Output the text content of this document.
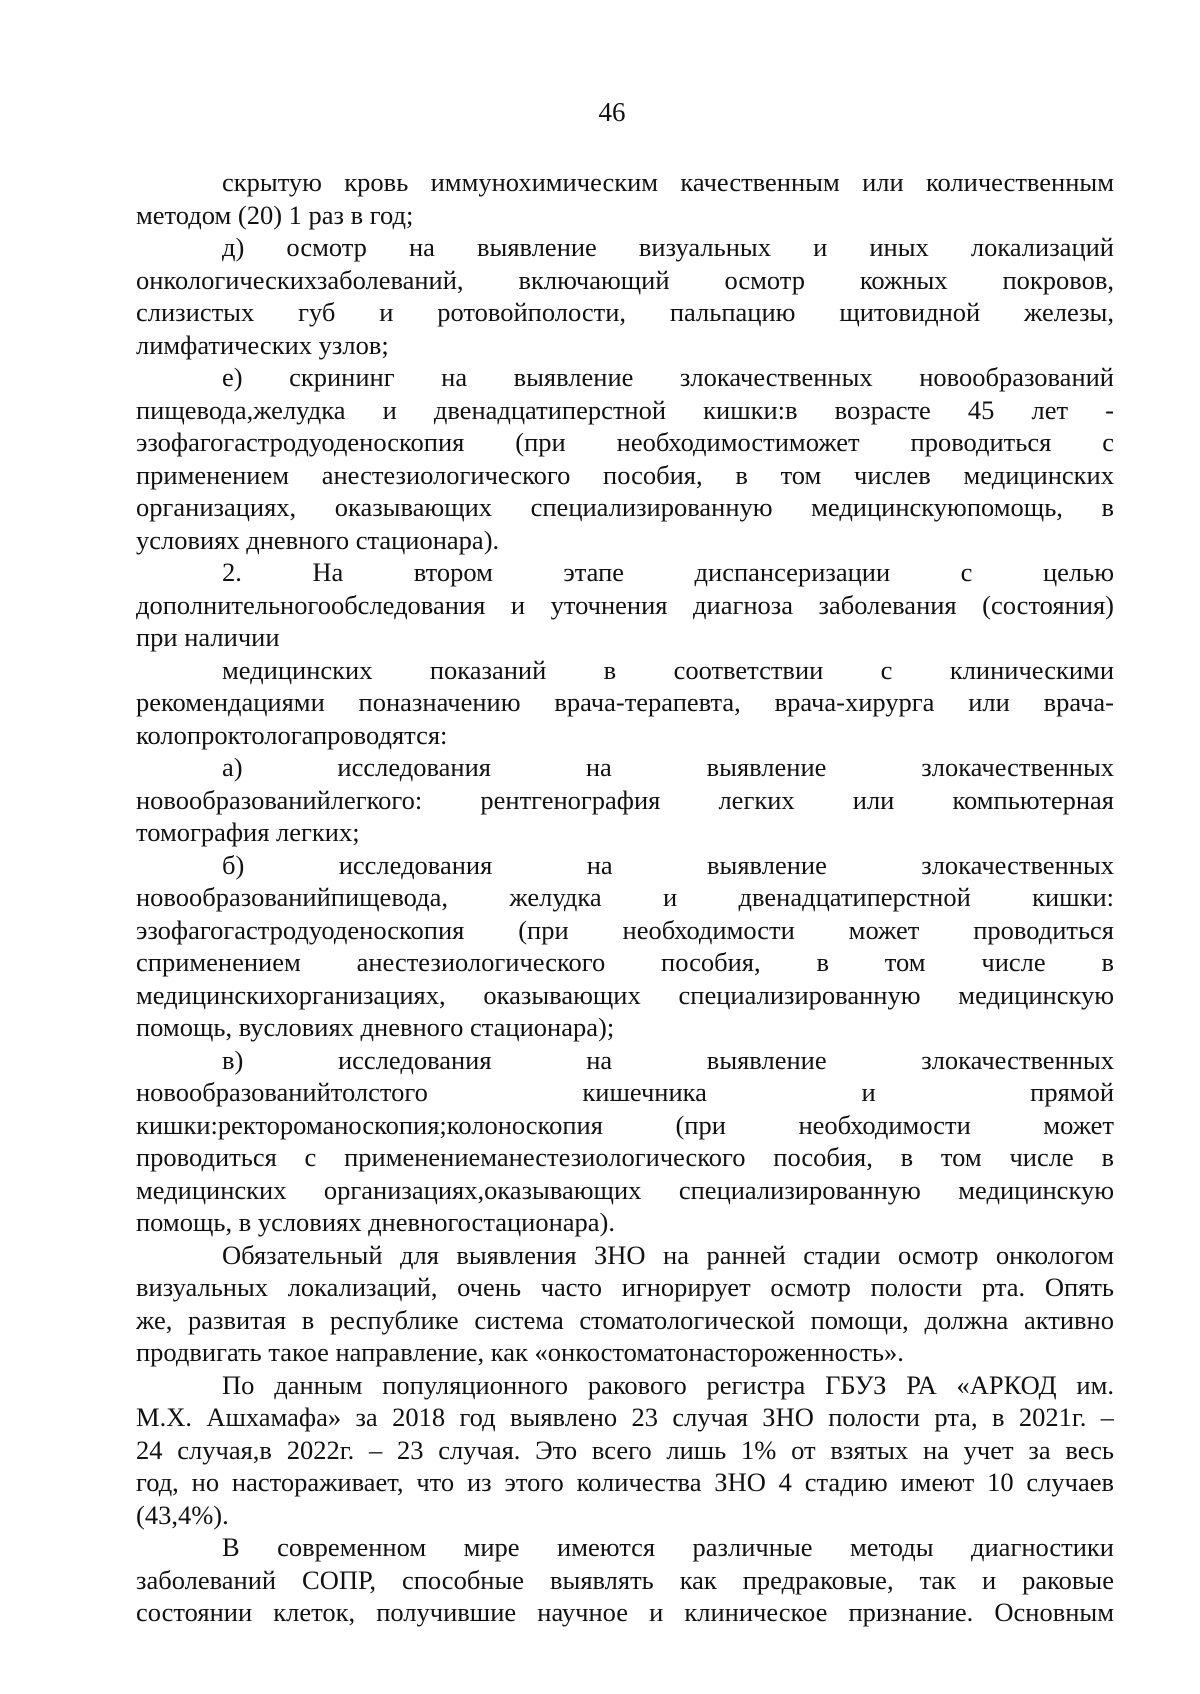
46
скрытую кровь иммунохимическим качественным или количественным
методом (20) 1 раз в год;
д) осмотр на выявление визуальных и иных локализаций
онкологическихзаболеваний, включающий осмотр кожных покровов,
слизистых губ и ротовойполости, пальпацию щитовидной железы,
лимфатических узлов;
е) скрининг на выявление злокачественных новообразований
пищевода,желудка и двенадцатиперстной кишки:в возрасте 45 лет -
эзофагогастродуоденоскопия (при необходимостиможет проводиться с
применением анестезиологического пособия, в том числев медицинских
организациях, оказывающих специализированную медицинскуюпомощь, в
условиях дневного стационара).
2. На втором этапе диспансеризации с целью
дополнительногообследования и уточнения диагноза заболевания (состояния)
при наличии
медицинских показаний в соответствии с клиническими
рекомендациями поназначению врача-терапевта, врача-хирурга или врача-
колопроктологапроводятся:
а) исследования на выявление злокачественных
новообразованийлегкого: рентгенография легких или компьютерная
томография легких;
б) исследования на выявление злокачественных
новообразованийпищевода, желудка и двенадцатиперстной кишки:
эзофагогастродуоденоскопия (при необходимости может проводиться
сприменением анестезиологического пособия, в том числе в
медицинскихорганизациях, оказывающих специализированную медицинскую
помощь, вусловиях дневного стационара);
в) исследования на выявление злокачественных
новообразованийтолстого кишечника и прямой
кишки:ректороманоскопия;колоноскопия (при необходимости может
проводиться с применениеманестезиологического пособия, в том числе в
медицинских организациях,оказывающих специализированную медицинскую
помощь, в условиях дневногостационара).
Обязательный для выявления ЗНО на ранней стадии осмотр онкологом
визуальных локализаций, очень часто игнорирует осмотр полости рта. Опять
же, развитая в республике система стоматологической помощи, должна активно
продвигать такое направление, как «онкостоматонастороженность».
По данным популяционного ракового регистра ГБУЗ РА «АРКОД им.
М.Х. Ашхамафа» за 2018 год выявлено 23 случая ЗНО полости рта, в 2021г. –
24 случая,в 2022г. – 23 случая. Это всего лишь 1% от взятых на учет за весь
год, но настораживает, что из этого количества ЗНО 4 стадию имеют 10 случаев
(43,4%).
В современном мире имеются различные методы диагностики
заболеваний СОПР, способные выявлять как предраковые, так и раковые
состоянии клеток, получившие научное и клиническое признание. Основным
